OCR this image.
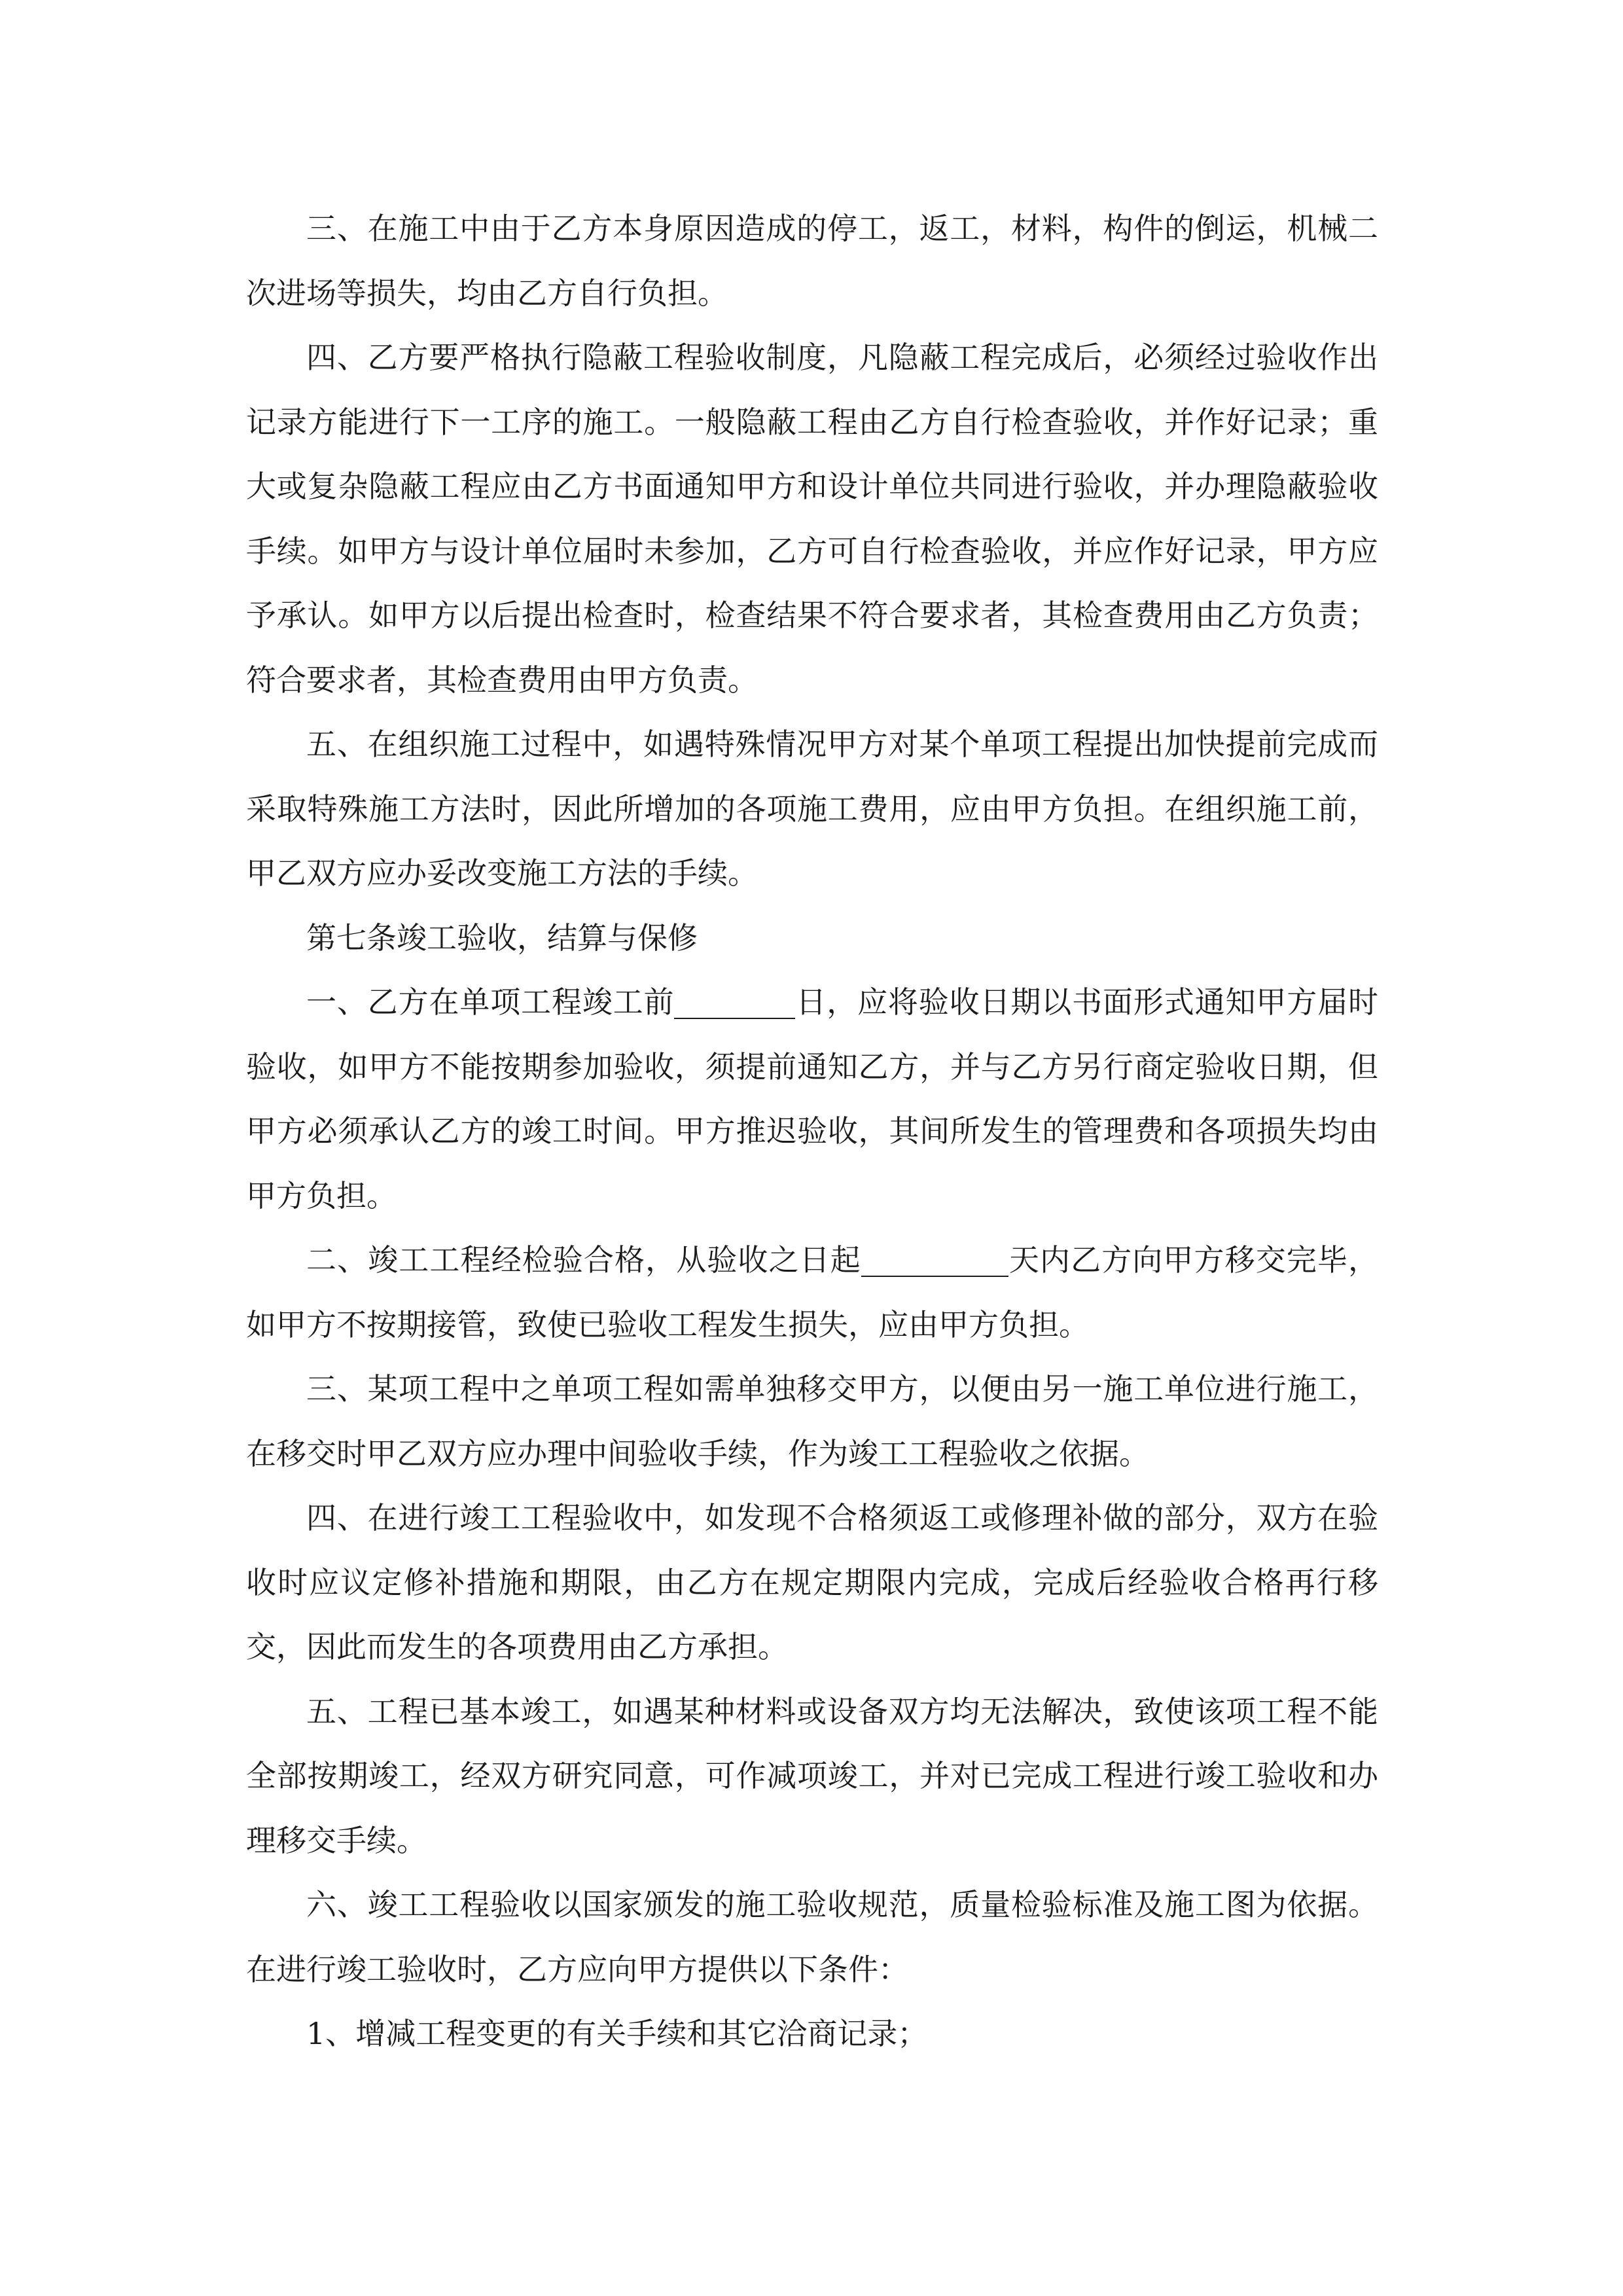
三、在施工中由于乙方本身原因造成的停工，返工，材料，构件的倒运，机械二次进场等损失，均由乙方自行负担。

四、乙方要严格执行隐蔽工程验收制度，凡隐蔽工程完成后，必须经过验收作出记录方能进行下一工序的施工。一般隐蔽工程由乙方自行检查验收，并作好记录；重大或复杂隐蔽工程应由乙方书面通知甲方和设计单位共同进行验收，并办理隐蔽验收手续。如甲方与设计单位届时未参加，乙方可自行检查验收，并应作好记录，甲方应予承认。如甲方以后提出检查时，检查结果不符合要求者，其检查费用由乙方负责；符合要求者，其检查费用由甲方负责。

五、在组织施工过程中，如遇特殊情况甲方对某个单项工程提出加快提前完成而采取特殊施工方法时，因此所增加的各项施工费用，应由甲方负担。在组织施工前，甲乙双方应办妥改变施工方法的手续。

第七条竣工验收，结算与保修

一、乙方在单项工程竣工前	日，应将验收日期以书面形式通知甲方届时验收，如甲方不能按期参加验收，须提前通知乙方，并与乙方另行商定验收日期，但甲方必须承认乙方的竣工时间。甲方推迟验收，其间所发生的管理费和各项损失均由甲方负担。

二、竣工工程经检验合格，从验收之日起	天内乙方向甲方移交完毕，如甲方不按期接管，致使已验收工程发生损失，应由甲方负担。

三、某项工程中之单项工程如需单独移交甲方，以便由另一施工单位进行施工，在移交时甲乙双方应办理中间验收手续，作为竣工工程验收之依据。

四、在进行竣工工程验收中，如发现不合格须返工或修理补做的部分，双方在验收时应议定修补措施和期限，由乙方在规定期限内完成，完成后经验收合格再行移交，因此而发生的各项费用由乙方承担。

五、工程已基本竣工，如遇某种材料或设备双方均无法解决，致使该项工程不能全部按期竣工，经双方研究同意，可作减项竣工，并对已完成工程进行竣工验收和办理移交手续。

六、竣工工程验收以国家颁发的施工验收规范，质量检验标准及施工图为依据。在进行竣工验收时，乙方应向甲方提供以下条件：

1、增减工程变更的有关手续和其它洽商记录；
